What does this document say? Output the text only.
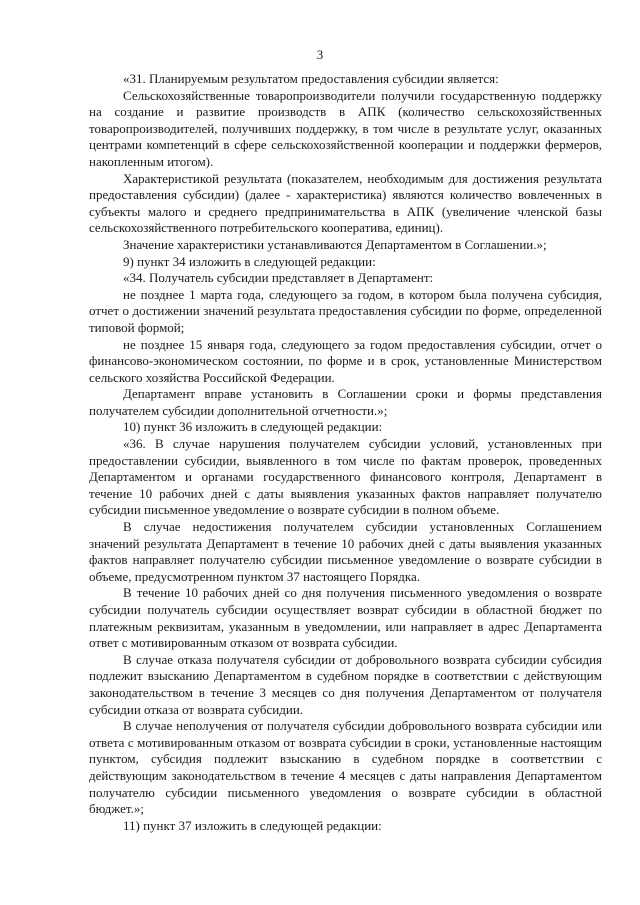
3

«31. Планируемым результатом предоставления субсидии является:

Сельскохозяйственные товаропроизводители получили государственную поддержку на создание и развитие производств в АПК (количество сельскохозяйственных товаропроизводителей, получивших поддержку, в том числе в результате услуг, оказанных центрами компетенций в сфере сельскохозяйственной кооперации и поддержки фермеров, накопленным итогом).

Характеристикой результата (показателем, необходимым для достижения результата предоставления субсидии) (далее - характеристика) являются количество вовлеченных в субъекты малого и среднего предпринимательства в АПК (увеличение членской базы сельскохозяйственного потребительского кооператива, единиц).

Значение характеристики устанавливаются Департаментом в Соглашении.»;

9) пункт 34 изложить в следующей редакции:

«34. Получатель субсидии представляет в Департамент:

не позднее 1 марта года, следующего за годом, в котором была получена субсидия, отчет о достижении значений результата предоставления субсидии по форме, определенной типовой формой;

не позднее 15 января года, следующего за годом предоставления субсидии, отчет о финансово-экономическом состоянии, по форме и в срок, установленные Министерством сельского хозяйства Российской Федерации.

Департамент вправе установить в Соглашении сроки и формы представления получателем субсидии дополнительной отчетности.»;

10) пункт 36 изложить в следующей редакции:

«36. В случае нарушения получателем субсидии условий, установленных при предоставлении субсидии, выявленного в том числе по фактам проверок, проведенных Департаментом и органами государственного финансового контроля, Департамент в течение 10 рабочих дней с даты выявления указанных фактов направляет получателю субсидии письменное уведомление о возврате субсидии в полном объеме.

В случае недостижения получателем субсидии установленных Соглашением значений результата Департамент в течение 10 рабочих дней с даты выявления указанных фактов направляет получателю субсидии письменное уведомление о возврате субсидии в объеме, предусмотренном пунктом 37 настоящего Порядка.

В течение 10 рабочих дней со дня получения письменного уведомления о возврате субсидии получатель субсидии осуществляет возврат субсидии в областной бюджет по платежным реквизитам, указанным в уведомлении, или направляет в адрес Департамента ответ с мотивированным отказом от возврата субсидии.

В случае отказа получателя субсидии от добровольного возврата субсидии субсидия подлежит взысканию Департаментом в судебном порядке в соответствии с действующим законодательством в течение 3 месяцев со дня получения Департаментом от получателя субсидии отказа от возврата субсидии.

В случае неполучения от получателя субсидии добровольного возврата субсидии или ответа с мотивированным отказом от возврата субсидии в сроки, установленные настоящим пунктом, субсидия подлежит взысканию в судебном порядке в соответствии с действующим законодательством в течение 4 месяцев с даты направления Департаментом получателю субсидии письменного уведомления о возврате субсидии в областной бюджет.»;

11) пункт 37 изложить в следующей редакции:
